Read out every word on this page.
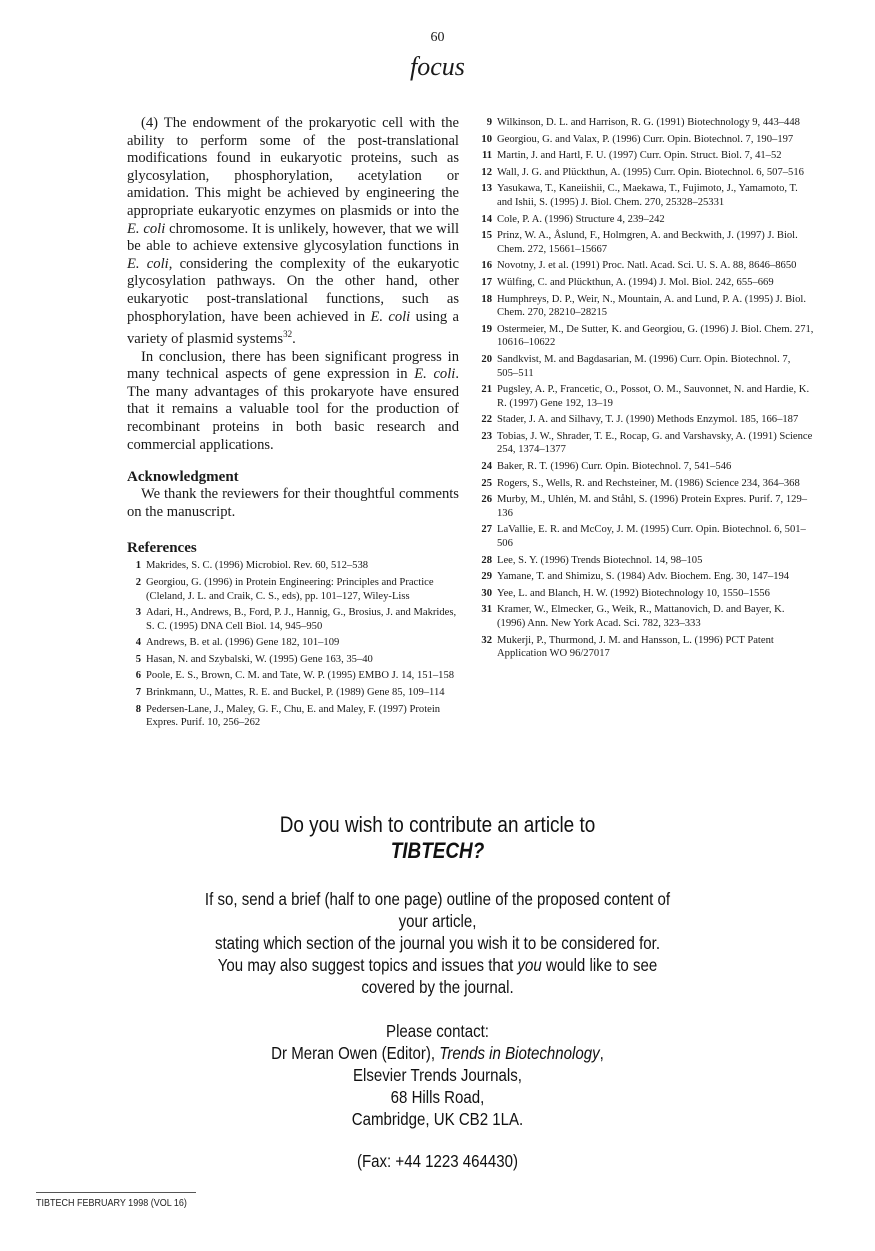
60
focus

(4) The endowment of the prokaryotic cell with the ability to perform some of the post-translational modifications found in eukaryotic proteins, such as glycosylation, phosphorylation, acetylation or amidation. This might be achieved by engineering the appropriate eukaryotic enzymes on plasmids or into the E. coli chromosome. It is unlikely, however, that we will be able to achieve extensive glycosylation functions in E. coli, considering the complexity of the eukaryotic glycosylation pathways. On the other hand, other eukaryotic post-translational functions, such as phosphorylation, have been achieved in E. coli using a variety of plasmid systems$^{32}$.

In conclusion, there has been significant progress in many technical aspects of gene expression in E. coli. The many advantages of this prokaryote have ensured that it remains a valuable tool for the production of recombinant proteins in both basic research and commercial applications.

Acknowledgment

We thank the reviewers for their thoughtful comments on the manuscript.

References

1 Makrides, S. C. (1996) Microbiol. Rev. 60, 512–538
2 Georgiou, G. (1996) in Protein Engineering: Principles and Practice (Cleland, J. L. and Craik, C. S., eds), pp. 101–127, Wiley-Liss
3 Adari, H., Andrews, B., Ford, P. J., Hannig, G., Brosius, J. and Makrides, S. C. (1995) DNA Cell Biol. 14, 945–950
4 Andrews, B. et al. (1996) Gene 182, 101–109
5 Hasan, N. and Szybalski, W. (1995) Gene 163, 35–40
6 Poole, E. S., Brown, C. M. and Tate, W. P. (1995) EMBO J. 14, 151–158
7 Brinkmann, U., Mattes, R. E. and Buckel, P. (1989) Gene 85, 109–114
8 Pedersen-Lane, J., Maley, G. F., Chu, E. and Maley, F. (1997) Protein Expres. Purif. 10, 256–262
9 Wilkinson, D. L. and Harrison, R. G. (1991) Biotechnology 9, 443–448
10 Georgiou, G. and Valax, P. (1996) Curr. Opin. Biotechnol. 7, 190–197
11 Martin, J. and Hartl, F. U. (1997) Curr. Opin. Struct. Biol. 7, 41–52
12 Wall, J. G. and Plückthun, A. (1995) Curr. Opin. Biotechnol. 6, 507–516
13 Yasukawa, T., Kaneiishii, C., Maekawa, T., Fujimoto, J., Yamamoto, T. and Ishii, S. (1995) J. Biol. Chem. 270, 25328–25331
14 Cole, P. A. (1996) Structure 4, 239–242
15 Prinz, W. A., Åslund, F., Holmgren, A. and Beckwith, J. (1997) J. Biol. Chem. 272, 15661–15667
16 Novotny, J. et al. (1991) Proc. Natl. Acad. Sci. U. S. A. 88, 8646–8650
17 Wülfing, C. and Plückthun, A. (1994) J. Mol. Biol. 242, 655–669
18 Humphreys, D. P., Weir, N., Mountain, A. and Lund, P. A. (1995) J. Biol. Chem. 270, 28210–28215
19 Ostermeier, M., De Sutter, K. and Georgiou, G. (1996) J. Biol. Chem. 271, 10616–10622
20 Sandkvist, M. and Bagdasarian, M. (1996) Curr. Opin. Biotechnol. 7, 505–511
21 Pugsley, A. P., Francetic, O., Possot, O. M., Sauvonnet, N. and Hardie, K. R. (1997) Gene 192, 13–19
22 Stader, J. A. and Silhavy, T. J. (1990) Methods Enzymol. 185, 166–187
23 Tobias, J. W., Shrader, T. E., Rocap, G. and Varshavsky, A. (1991) Science 254, 1374–1377
24 Baker, R. T. (1996) Curr. Opin. Biotechnol. 7, 541–546
25 Rogers, S., Wells, R. and Rechsteiner, M. (1986) Science 234, 364–368
26 Murby, M., Uhlén, M. and Ståhl, S. (1996) Protein Expres. Purif. 7, 129–136
27 LaVallie, E. R. and McCoy, J. M. (1995) Curr. Opin. Biotechnol. 6, 501–506
28 Lee, S. Y. (1996) Trends Biotechnol. 14, 98–105
29 Yamane, T. and Shimizu, S. (1984) Adv. Biochem. Eng. 30, 147–194
30 Yee, L. and Blanch, H. W. (1992) Biotechnology 10, 1550–1556
31 Kramer, W., Elmecker, G., Weik, R., Mattanovich, D. and Bayer, K. (1996) Ann. New York Acad. Sci. 782, 323–333
32 Mukerji, P., Thurmond, J. M. and Hansson, L. (1996) PCT Patent Application WO 96/27017

Do you wish to contribute an article to

TIBTECH?

If so, send a brief (half to one page) outline of the proposed content of your article,

stating which section of the journal you wish it to be considered for.

You may also suggest topics and issues that you would like to see covered by the journal.

Please contact:

Dr Meran Owen (Editor), Trends in Biotechnology,

Elsevier Trends Journals,

68 Hills Road,

Cambridge, UK CB2 1LA.

(Fax: +44 1223 464430)

TIBTECH FEBRUARY 1998 (VOL 16)
